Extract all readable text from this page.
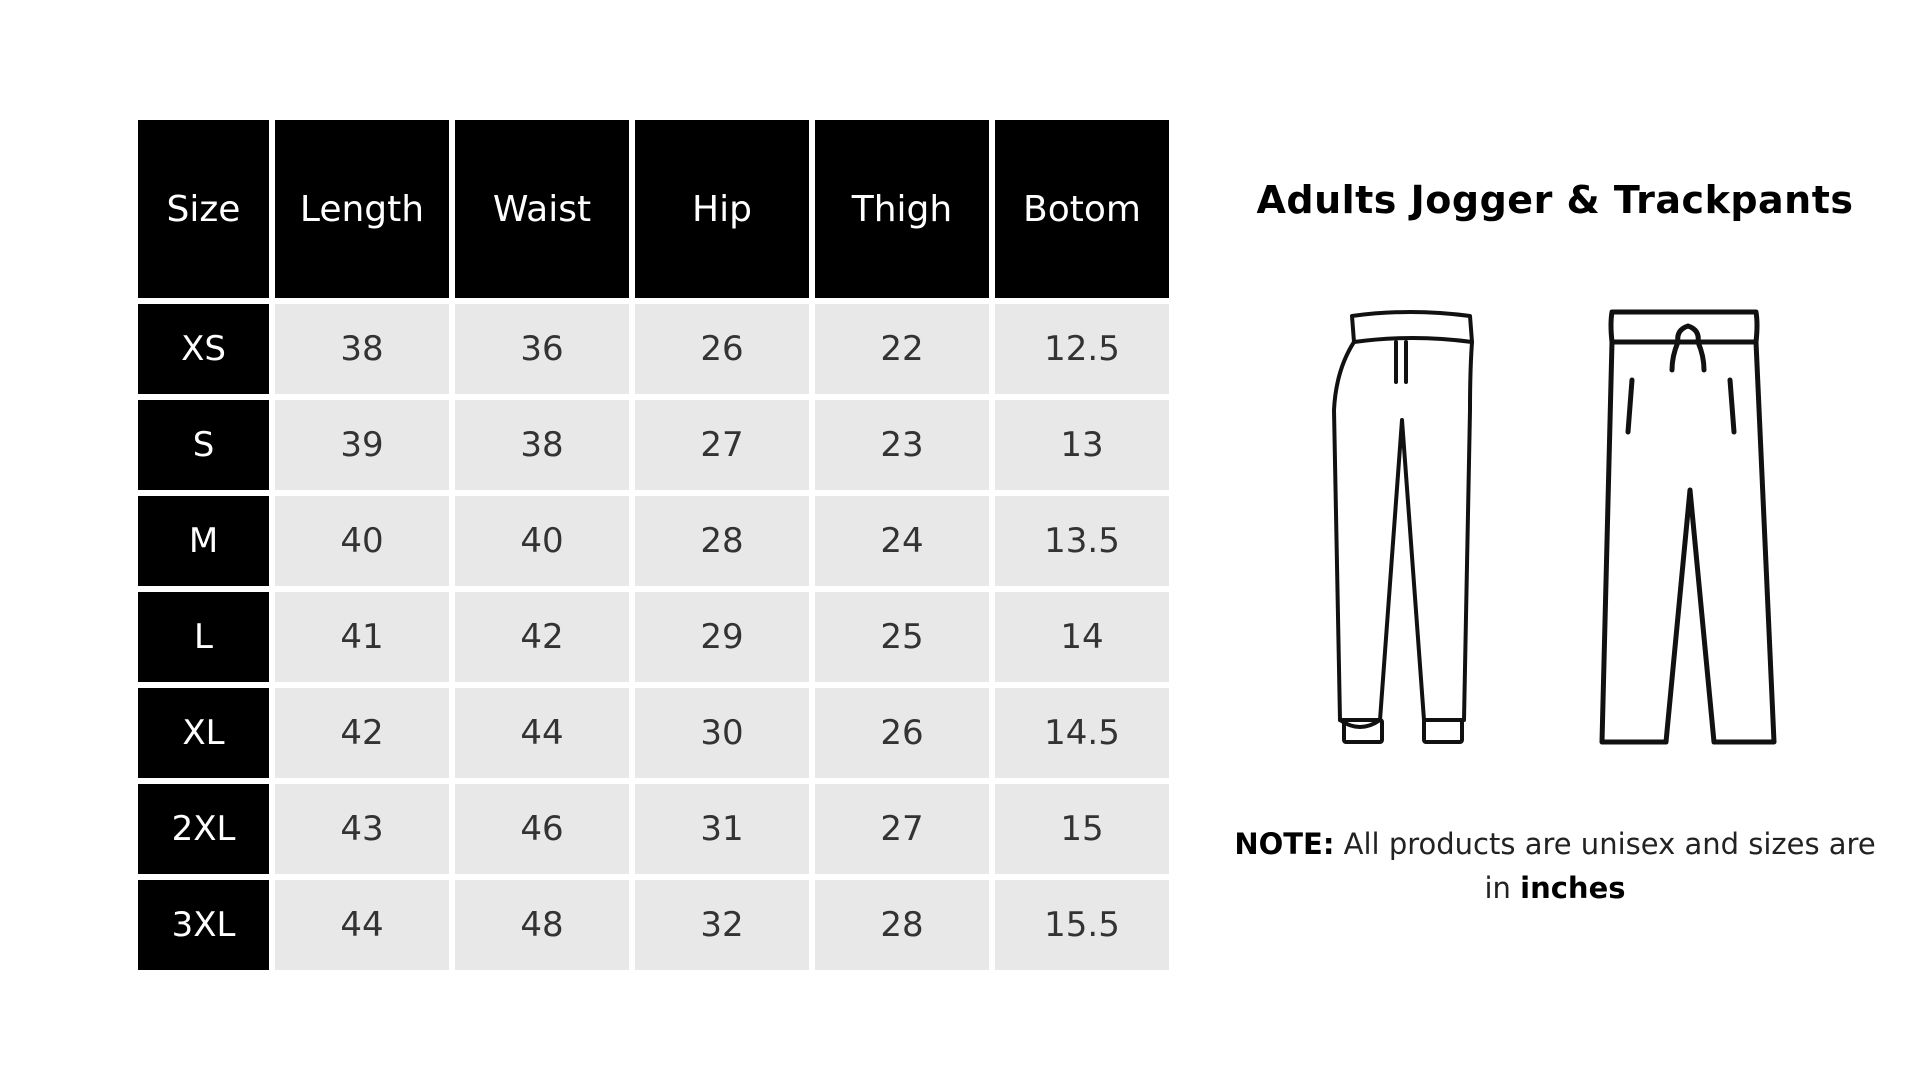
Size	Length	Waist	Hip	Thigh	Botom
XS	38	36	26	22	12.5
S	39	38	27	23	13
M	40	40	28	24	13.5
L	41	42	29	25	14
XL	42	44	30	26	14.5
2XL	43	46	31	27	15
3XL	44	48	32	28	15.5
Adults Jogger & Trackpants
NOTE: All products are unisex and sizes are in inches
